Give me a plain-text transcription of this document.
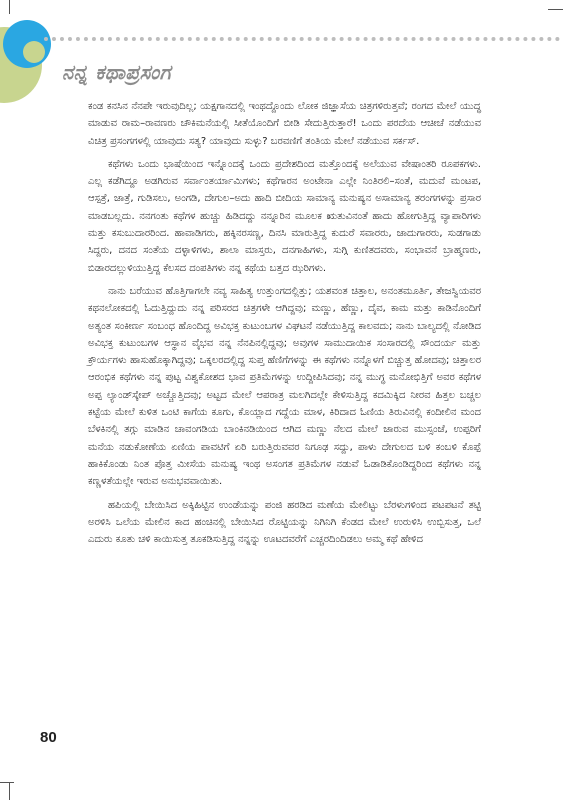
ನನ್ನ ಕಥಾಪ್ರಸಂಗ

ಕಂಡ ಕನಸಿನ ನೆನಪೇ ಇರುವುದಿಲ್ಲ; ಯಕ್ಷಗಾನದಲ್ಲಿ ಇಂಥದ್ದೊಂದು ಲೋಕ ಜಿಜ್ಞಾಸೆಯ ಚಿತ್ರಗಳಿರುತ್ತವೆ; ರಂಗದ ಮೇಲೆ ಯುದ್ಧ ಮಾಡುವ ರಾಮ–ರಾವಣರು ಚೌಕಿಮನೆಯಲ್ಲಿ ಸೀತೆಯೊಂದಿಗೆ ಬೀಡಿ ಸೇದುತ್ತಿರುತ್ತಾರೆ! ಒಂದು ಪರದೆಯ ಆಚೀಚೆ ನಡೆಯುವ ವಿಚಿತ್ರ ಪ್ರಸಂಗಗಳಲ್ಲಿ ಯಾವುದು ಸತ್ಯ? ಯಾವುದು ಸುಳ್ಳು? ಬರವಣಿಗೆ ತಂತಿಯ ಮೇಲೆ ನಡೆಯುವ ಸರ್ಕಸ್.

ಕಥೆಗಳು ಒಂದು ಭಾಷೆಯಿಂದ ಇನ್ನೊಂದಕ್ಕೆ ಒಂದು ಪ್ರದೇಶದಿಂದ ಮತ್ತೊಂದಕ್ಕೆ ಅಲೆಯುವ ವೇಷಾಂತರಿ ರೂಪಕಗಳು. ಎಲ್ಲ ಕಡೆಗಿದ್ದೂ ಅಡಗಿರುವ ಸರ್ವಾಂತರ್ಯಾಮಿಗಳು; ಕಥೆಗಾರನ ಅಂಟೇನಾ ಎಲ್ಲೇ ನಿಂತಿರಲಿ–ಸಂತೆ, ಮದುವೆ ಮಂಟಪ, ಆಸ್ಪತ್ರೆ, ಜಾತ್ರೆ, ಗುಡಿಸಲು, ಅಂಗಡಿ, ದೇಗುಲ–ಅದು ಹಾದಿ ಬೀದಿಯ ಸಾಮಾನ್ಯ ಮನುಷ್ಯನ ಅಸಾಮಾನ್ಯ ತರಂಗಗಳನ್ನು ಪ್ರಸಾರ ಮಾಡಬಲ್ಲದು. ನನಗಂತು ಕಥೆಗಳ ಹುಚ್ಚು ಹಿಡಿದದ್ದು ನನ್ನೂರಿನ ಮೂಲಕ ಋತುವಿನಂತೆ ಹಾದು ಹೋಗುತ್ತಿದ್ದ ವ್ಯಾಪಾರಿಗಳು ಮತ್ತು ಕಸುಬುದಾರರಿಂದ. ಹಾವಾಡಿಗರು, ಹಕ್ಕಿನರಸಣ್ಣ, ದಿನಸಿ ಮಾರುತ್ತಿದ್ದ ಕುದುರೆ ಸವಾರರು, ಜಾದುಗಾರರು, ಸುಡಗಾಡು ಸಿದ್ದರು, ದನದ ಸಂತೆಯ ದಳ್ಳಾಳಿಗಳು, ಶಾಲಾ ಮಾಸ್ತರು, ದನಗಾಹಿಗಳು, ಸುಗ್ಗಿ ಕುಣಿತದವರು, ಸಂಭಾವನೆ ಬ್ರಾಹ್ಮಣರು, ಬಿಡಾರದಲ್ಲುಳಿಯುತ್ತಿದ್ದ ಕೆಲಸದ ದಂಪತಿಗಳು ನನ್ನ ಕಥೆಯ ಬತ್ತದ ಝರಿಗಳು.

ನಾನು ಬರೆಯುವ ಹೊತ್ತಿಗಾಗಲೇ ನವ್ಯ ಸಾಹಿತ್ಯ ಉತ್ತುಂಗದಲ್ಲಿತ್ತು; ಯಶವಂತ ಚಿತ್ತಾಲ, ಅನಂತಮೂರ್ತಿ, ತೇಜಸ್ವಿಯವರ ಕಥನಲೋಕದಲ್ಲಿ ಓದುತ್ತಿದ್ದುದು ನನ್ನ ಪರಿಸರದ ಚಿತ್ರಗಳೇ ಆಗಿದ್ದವು; ಮಣ್ಣು, ಹೆಣ್ಣು, ದೈವ, ಕಾಮ ಮತ್ತು ಕಾಡಿನೊಂದಿಗೆ ಅತ್ಯಂತ ಸಂಕೀರ್ಣ ಸಂಬಂಧ ಹೊಂದಿದ್ದ ಅವಿಭಕ್ತ ಕುಟುಂಬಗಳ ವಿಘಟನೆ ನಡೆಯುತ್ತಿದ್ದ ಕಾಲವದು; ನಾನು ಬಾಲ್ಯದಲ್ಲಿ ನೋಡಿದ ಅವಿಭಕ್ತ ಕುಟುಂಬಗಳ ಆಸ್ಥಾನ ವೈಭವ ನನ್ನ ನೆನಪಿನಲ್ಲಿದ್ದವು; ಅವುಗಳ ಸಾಮುದಾಯಿಕ ಸಂಸಾರದಲ್ಲಿ ಸೌಂದರ್ಯ ಮತ್ತು ಕ್ರೌರ್ಯಗಳು ಹಾಸುಹೊಕ್ಕಾಗಿದ್ದವು; ಒಕ್ಕಲರದಲ್ಲಿದ್ದ ಸುಪ್ತ ಹೆಣಿಗೆಗಳನ್ನು ಈ ಕಥೆಗಳು ನನ್ನೊಳಗೆ ಬಿಚ್ಚುತ್ತ ಹೋದವು; ಚಿತ್ತಾಲರ ಆರಂಭಿಕ ಕಥೆಗಳು ನನ್ನ ಪುಟ್ಟ ವಿಶ್ವಕೋಶದ ಭಾವ ಪ್ರತಿಮೆಗಳನ್ನು ಉದ್ದೀಪಿಸಿದವು; ನನ್ನ ಮುಗ್ಧ ಮನೋಭಿತ್ತಿಗೆ ಅವರ ಕಥೆಗಳ ಅಪ್ಪ ಲ್ಯಾಂಡ್‌ಸ್ಕೇಪ್ ಅಚ್ಚೊತ್ತಿದವು; ಅಟ್ಟದ ಮೇಲೆ ಆಪರಾತ್ರ ಮಲಗಿದಲ್ಲೇ ಕೇಳಿಸುತ್ತಿದ್ದ ಕದಮಿಕ್ಕಿದ ನೀರವ ಹಿತ್ತಲ ಬಚ್ಚಲ ಕಟ್ಟೆಯ ಮೇಲೆ ಕುಳಿತ ಒಂಟಿ ಕಾಗೆಯ ಕೂಗು, ಕೊಯ್ಲಾದ ಗದ್ದೆಯ ಮಾಳ, ಕಿರಿದಾದ ಓಣಿಯ ತಿರುವಿನಲ್ಲಿ ಕಂದೀಲಿನ ಮಂದ ಬೆಳಕಿನಲ್ಲಿ ತಗ್ಗು ಮಾಡಿನ ಚಾವಂಗಡಿಯ ಬಾಂಕಿನಡಿಯಿಂದ ಆಗಿದ ಮಣ್ಣು ನೆಲದ ಮೇಲೆ ಜಾರುವ ಮುಸ್ಸಂಜೆ, ಉಪ್ಪರಿಗೆ ಮನೆಯ ನಡುಕೋಣೆಯ ಏಣಿಯ ಪಾವಟಿಗೆ ಏರಿ ಬರುತ್ತಿರುವವರ ನಿಗೂಢ ಸದ್ದು, ಪಾಳು ದೇಗುಲದ ಬಳಿ ಕಂಬಳಿ ಕೊಪ್ಪೆ ಹಾಕಿಕೊಂಡು ನಿಂತ ಪೊತ್ತ ಮೀಸೆಯ ಮನುಷ್ಯ ಇಂಥ ಅಸಂಗತ ಪ್ರತಿಮೆಗಳ ನಡುವೆ ಓಡಾಡಿಕೊಂಡಿದ್ದರಿಂದ ಕಥೆಗಳು ನನ್ನ ಕಣ್ಣಳತೆಯಲ್ಲೇ ಇರುವ ಅನುಭವವಾಯಿತು.

ಹಪಿಯಲ್ಲಿ ಬೇಯಿಸಿದ ಅಕ್ಕಿಹಿಟ್ಟಿನ ಉಂಡೆಯನ್ನು ಪಂಜಿ ಹರಡಿದ ಮಣೆಯ ಮೇಲಿಟ್ಟು ಬೆರಳುಗಳಿಂದ ಪಟಪಟನೆ ತಟ್ಟಿ ಅರಳಿಸಿ ಒಲೆಯ ಮೇಲಿನ ಕಾದ ಹಂಚಿನಲ್ಲಿ ಬೇಯಿಸಿದ ರೊಟ್ಟಿಯನ್ನು ನಿಗಿನಿಗಿ ಕೆಂಡದ ಮೇಲೆ ಉರುಳಿಸಿ ಉಬ್ಬಿಸುತ್ತ, ಒಲೆ ಎದುರು ಕೂತು ಚಳಿ ಕಾಯಿಸುತ್ತ ತೂಕಡಿಸುತ್ತಿದ್ದ ನನ್ನನ್ನು ಊಟದವರೆಗೆ ಎಚ್ಚರದಿಂದಿಡಲು ಅಮ್ಮ ಕಥೆ ಹೇಳಿದ

80
